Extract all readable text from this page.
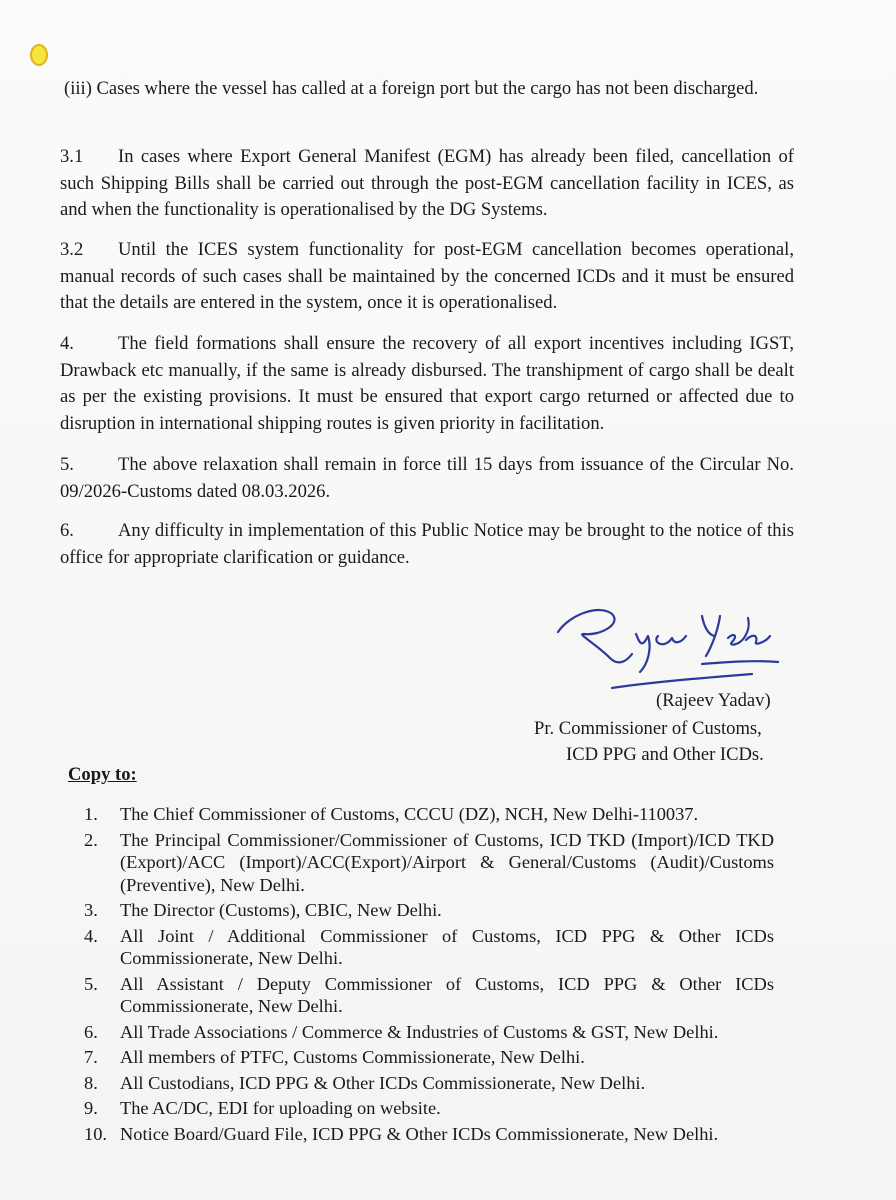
(iii) Cases where the vessel has called at a foreign port but the cargo has not been discharged.
3.1 In cases where Export General Manifest (EGM) has already been filed, cancellation of such Shipping Bills shall be carried out through the post-EGM cancellation facility in ICES, as and when the functionality is operationalised by the DG Systems.
3.2 Until the ICES system functionality for post-EGM cancellation becomes operational, manual records of such cases shall be maintained by the concerned ICDs and it must be ensured that the details are entered in the system, once it is operationalised.
4. The field formations shall ensure the recovery of all export incentives including IGST, Drawback etc manually, if the same is already disbursed. The transhipment of cargo shall be dealt as per the existing provisions. It must be ensured that export cargo returned or affected due to disruption in international shipping routes is given priority in facilitation.
5. The above relaxation shall remain in force till 15 days from issuance of the Circular No. 09/2026-Customs dated 08.03.2026.
6. Any difficulty in implementation of this Public Notice may be brought to the notice of this office for appropriate clarification or guidance.
(Rajeev Yadav)
Pr. Commissioner of Customs,
ICD PPG and Other ICDs.
Copy to:
1.	The Chief Commissioner of Customs, CCCU (DZ), NCH, New Delhi-110037.
2.	The Principal Commissioner/Commissioner of Customs, ICD TKD (Import)/ICD TKD (Export)/ACC (Import)/ACC(Export)/Airport & General/Customs (Audit)/Customs (Preventive), New Delhi.
3.	The Director (Customs), CBIC, New Delhi.
4.	All Joint / Additional Commissioner of Customs, ICD PPG & Other ICDs Commissionerate, New Delhi.
5.	All Assistant / Deputy Commissioner of Customs, ICD PPG & Other ICDs Commissionerate, New Delhi.
6.	All Trade Associations / Commerce & Industries of Customs & GST, New Delhi.
7.	All members of PTFC, Customs Commissionerate, New Delhi.
8.	All Custodians, ICD PPG & Other ICDs Commissionerate, New Delhi.
9.	The AC/DC, EDI for uploading on website.
10. Notice Board/Guard File, ICD PPG & Other ICDs Commissionerate, New Delhi.
